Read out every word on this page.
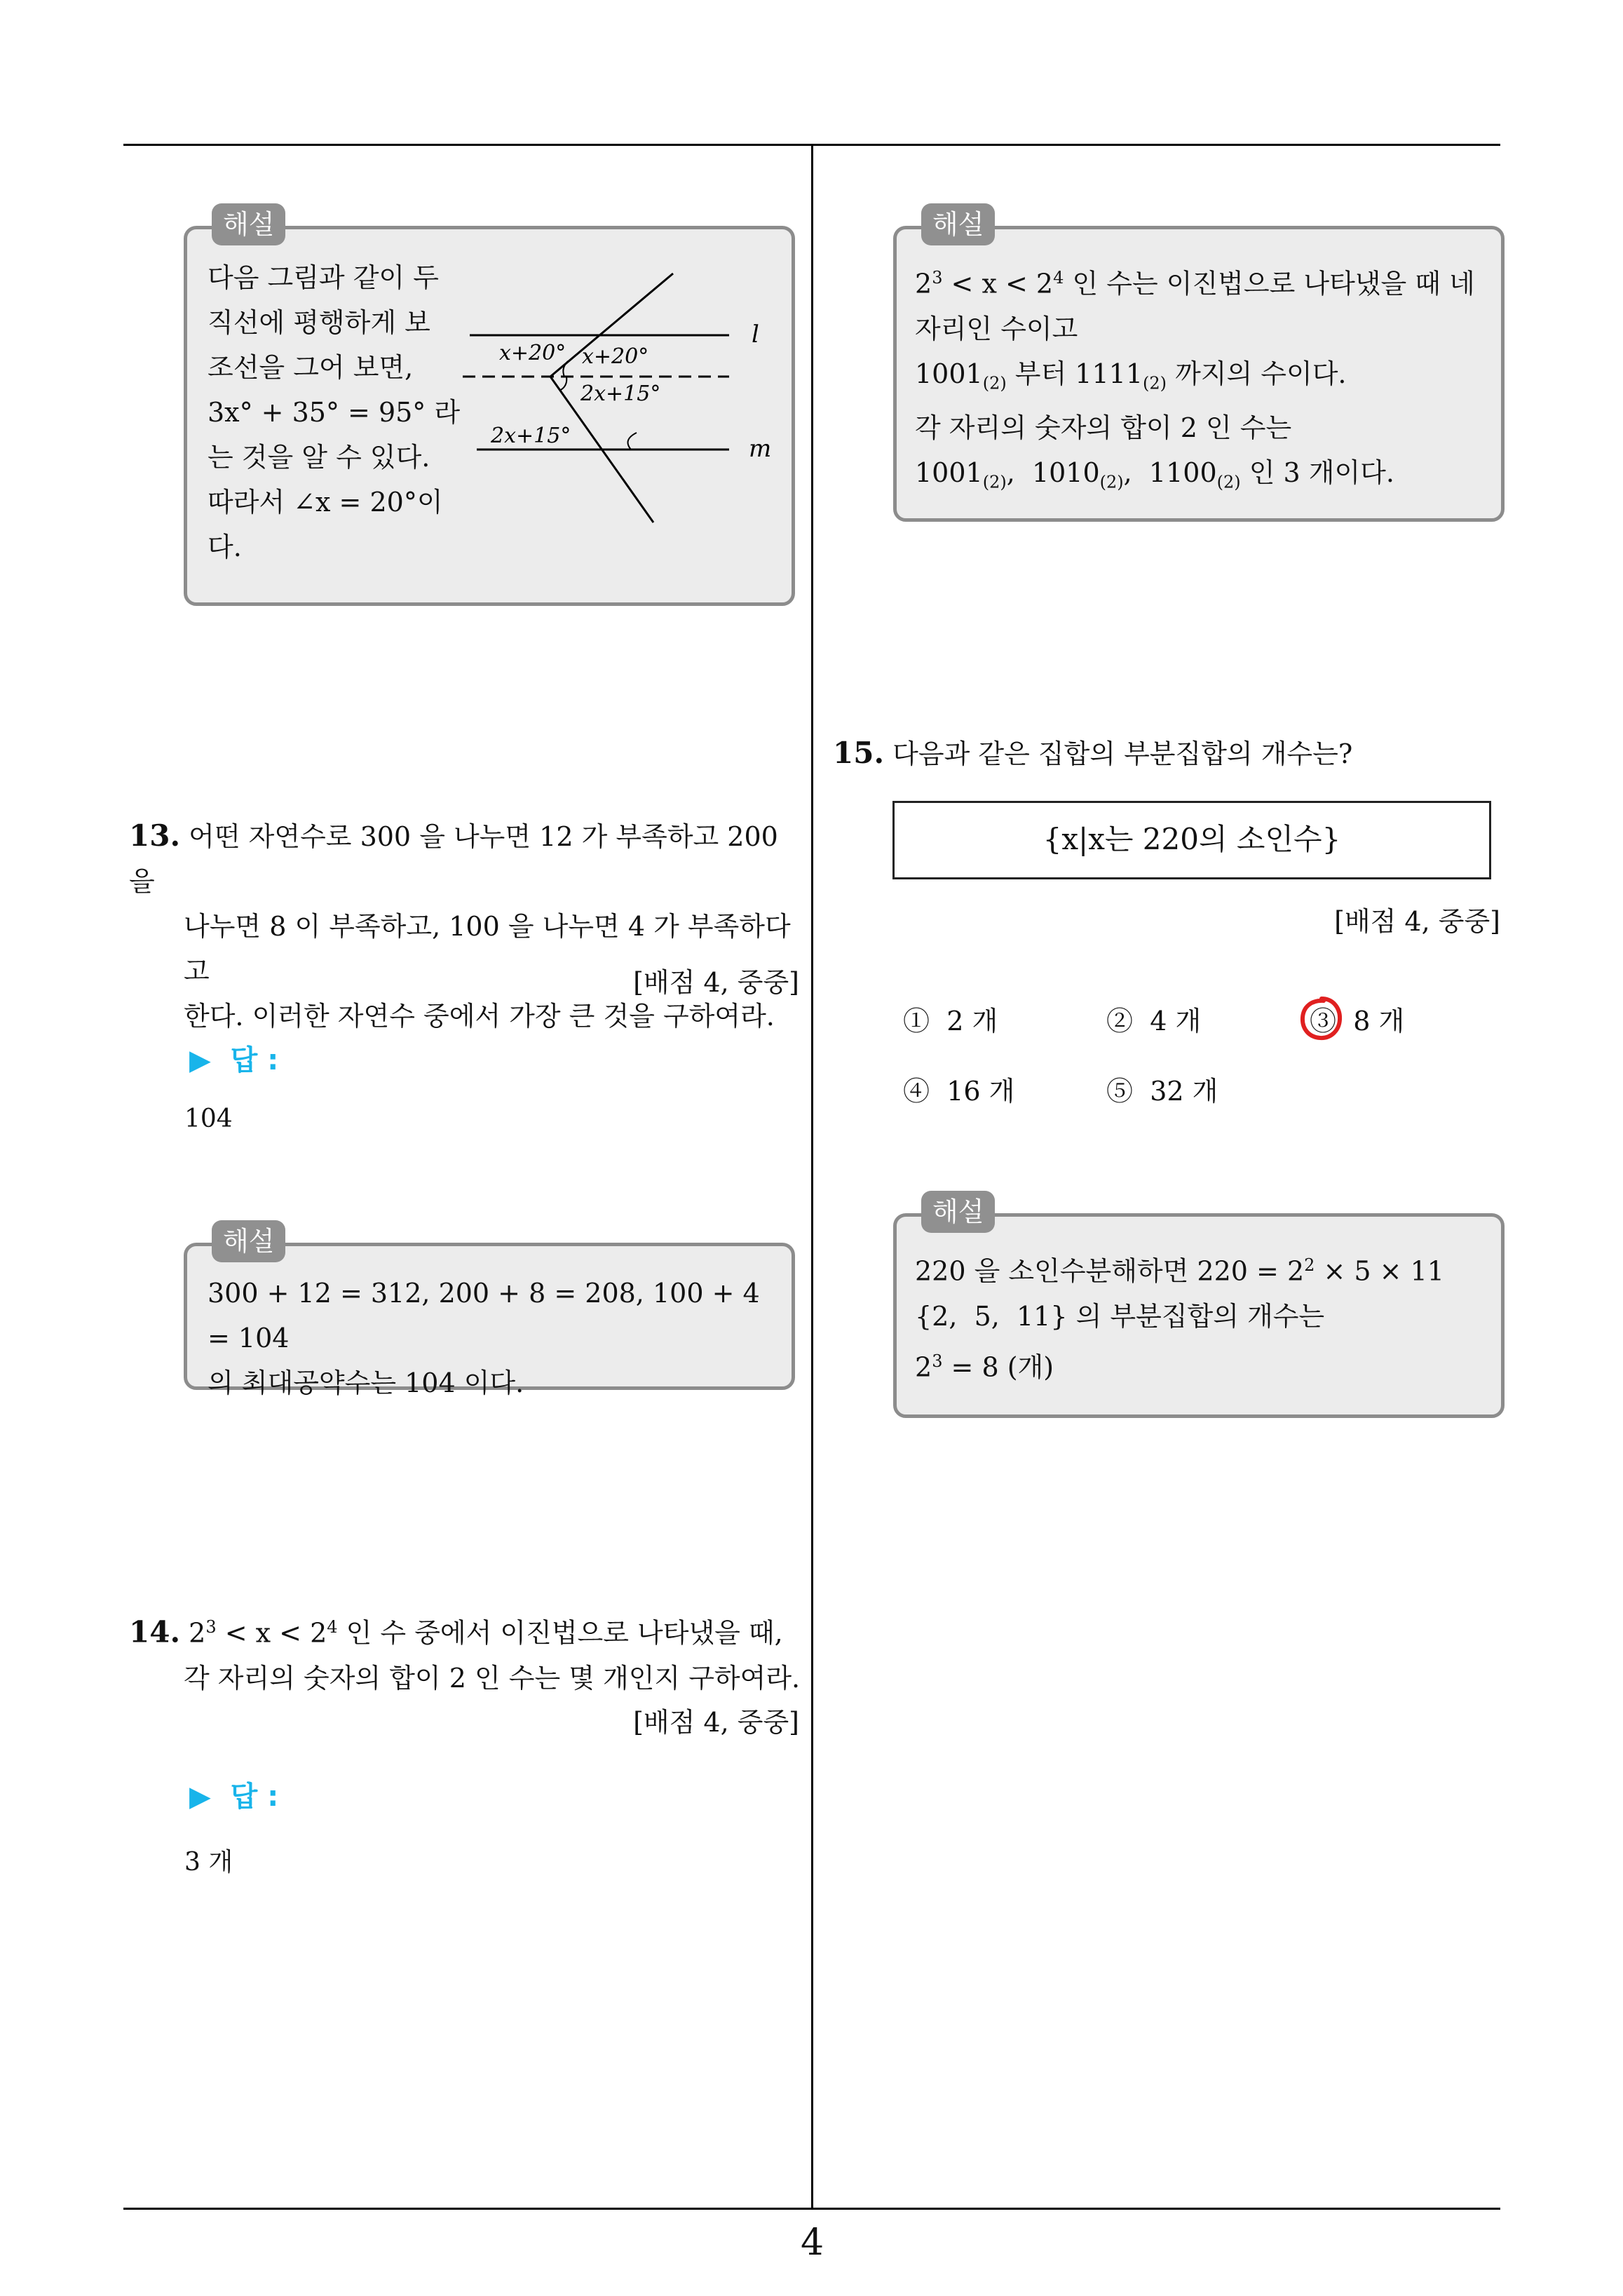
해설
다음 그림과 같이 두
직선에 평행하게 보
조선을 그어 보면,
3x° + 35° = 95° 라
는 것을 알 수 있다.
따라서 ∠x = 20°이
다.
l
m
x+20° x+20°
2x+15°
2x+15°
13. 어떤 자연수로 300 을 나누면 12 가 부족하고 200 을
나누면 8 이 부족하고, 100 을 나누면 4 가 부족하다고
한다. 이러한 자연수 중에서 가장 큰 것을 구하여라.
[배점 4, 중중]
▶ 답 :
104
해설
300 + 12 = 312, 200 + 8 = 208, 100 + 4 = 104
의 최대공약수는 104 이다.
14. $2^3 < x < 2^4$ 인 수 중에서 이진법으로 나타냈을 때,
각 자리의 숫자의 합이 2 인 수는 몇 개인지 구하여라.
[배점 4, 중중]
▶ 답 :
3 개
해설
$2^3 < x < 2^4$ 인 수는 이진법으로 나타냈을 때 네
자리인 수이고
$1001_{(2)}$ 부터 $1111_{(2)}$ 까지의 수이다.
각 자리의 숫자의 합이 2 인 수는
$1001_{(2)}$,  $1010_{(2)}$,  $1100_{(2)}$ 인 3 개이다.
15. 다음과 같은 집합의 부분집합의 개수는?
{x|x는 220의 소인수}
[배점 4, 중중]
① 2 개	② 4 개	③ 8 개
④ 16 개	⑤ 32 개
해설
220 을 소인수분해하면 $220 = 2^2 \times 5 \times 11$
{2,  5,  11} 의 부분집합의 개수는
$2^3 = 8$ (개)
4
